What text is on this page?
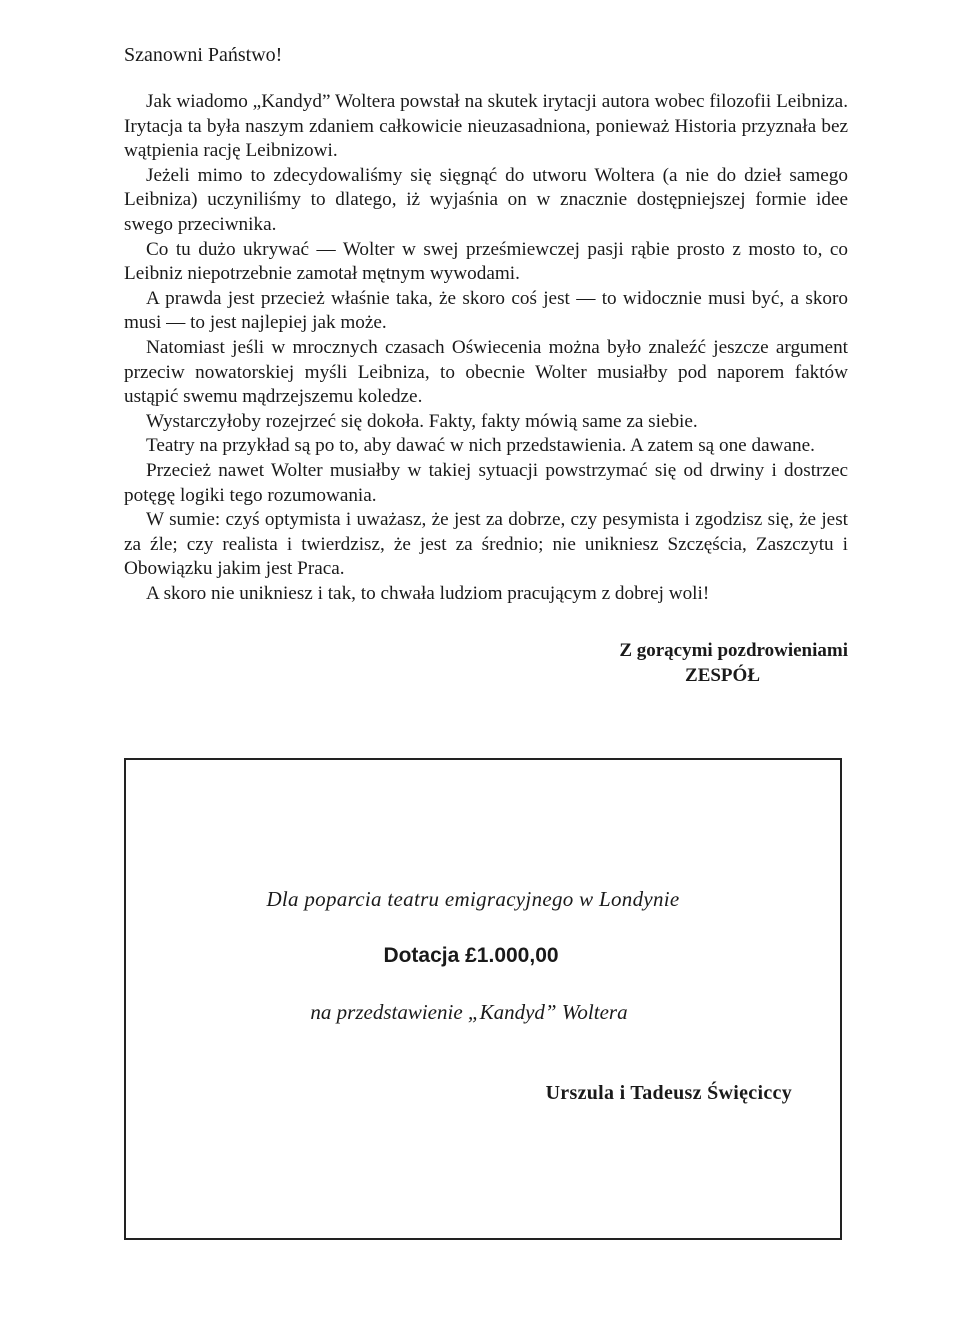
Szanowni Państwo!

Jak wiadomo „Kandyd” Woltera powstał na skutek irytacji autora wobec filozofii Leibniza. Irytacja ta była naszym zdaniem całkowicie nieuzasadniona, ponieważ Historia przyznała bez wątpienia rację Leibnizowi.

Jeżeli mimo to zdecydowaliśmy się sięgnąć do utworu Woltera (a nie do dzieł samego Leibniza) uczyniliśmy to dlatego, iż wyjaśnia on w znacznie dostępniejszej formie idee swego przeciwnika.

Co tu dużo ukrywać — Wolter w swej prześmiewczej pasji rąbie prosto z mosto to, co Leibniz niepotrzebnie zamotał mętnym wywodami.

A prawda jest przecież właśnie taka, że skoro coś jest — to widocznie musi być, a skoro musi — to jest najlepiej jak może.

Natomiast jeśli w mrocznych czasach Oświecenia można było znaleźć jeszcze argument przeciw nowatorskiej myśli Leibniza, to obecnie Wolter musiałby pod naporem faktów ustąpić swemu mądrzejszemu koledze.

Wystarczyłoby rozejrzeć się dokoła. Fakty, fakty mówią same za siebie.

Teatry na przykład są po to, aby dawać w nich przedstawienia. A zatem są one dawane.

Przecież nawet Wolter musiałby w takiej sytuacji powstrzymać się od drwiny i dostrzec potęgę logiki tego rozumowania.

W sumie: czyś optymista i uważasz, że jest za dobrze, czy pesymista i zgodzisz się, że jest za źle; czy realista i twierdzisz, że jest za średnio; nie unikniesz Szczęścia, Zaszczytu i Obowiązku jakim jest Praca.

A skoro nie unikniesz i tak, to chwała ludziom pracującym z dobrej woli!

Z gorącymi pozdrowieniami
ZESPÓŁ
Dla poparcia teatru emigracyjnego w Londynie
Dotacja £1.000,00
na przedstawienie „Kandyd” Woltera
Urszula i Tadeusz Święciccy
